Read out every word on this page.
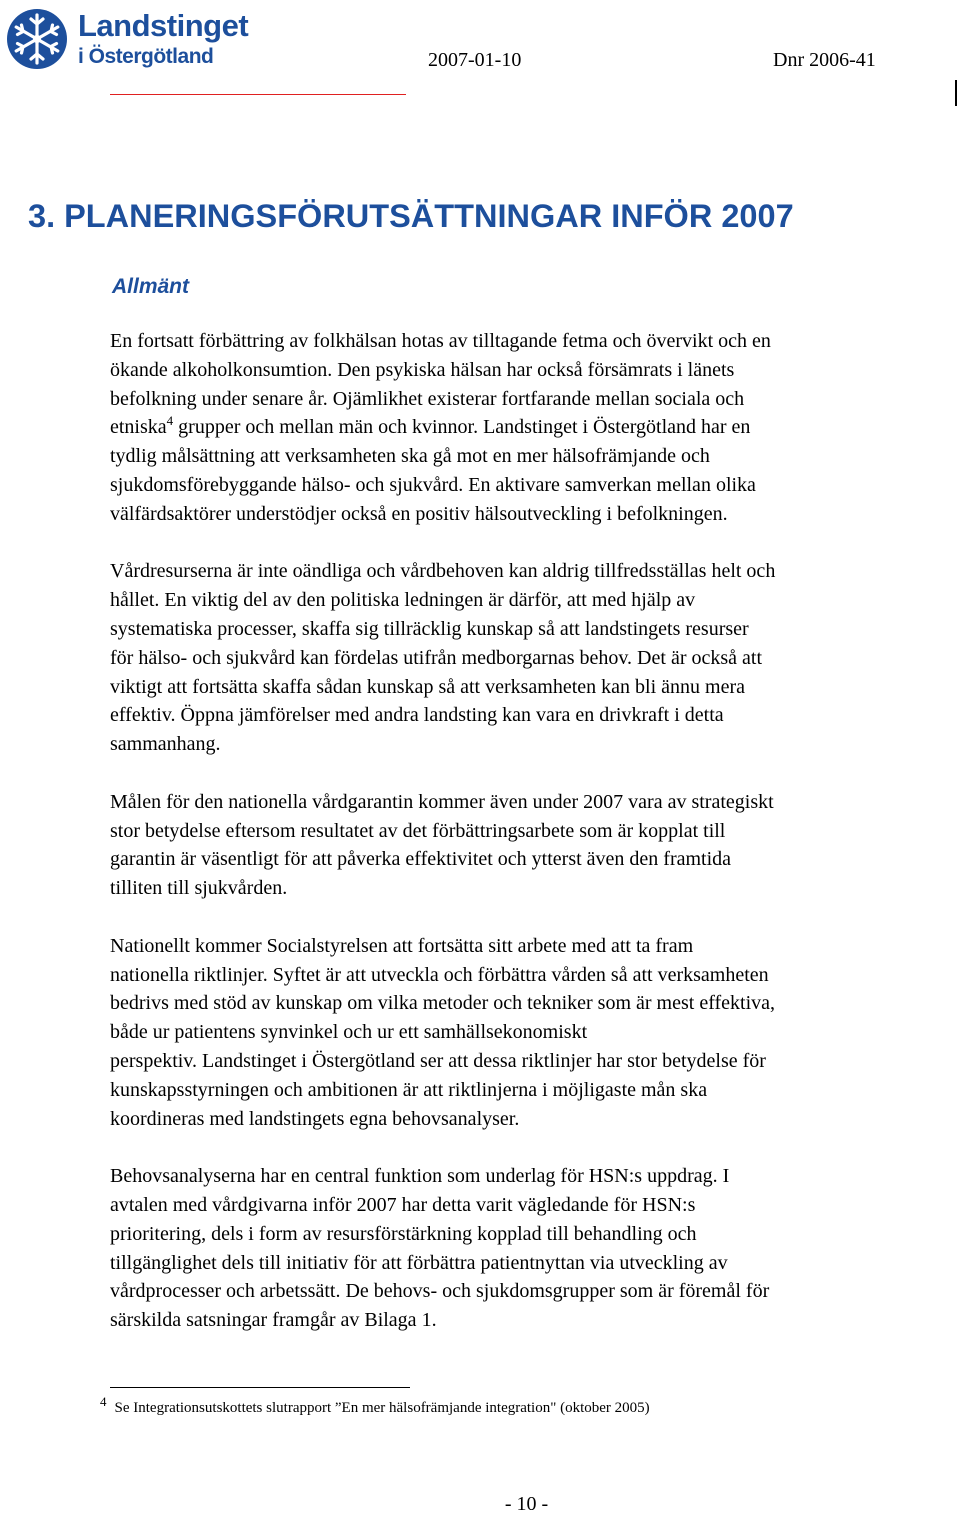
Landstinget
i Östergötland	2007-01-10	Dnr 2006-41
3. PLANERINGSFÖRUTSÄTTNINGAR INFÖR 2007
Allmänt

En fortsatt förbättring av folkhälsan hotas av tilltagande fetma och övervikt och en
ökande alkoholkonsumtion. Den psykiska hälsan har också försämrats i länets
befolkning under senare år. Ojämlikhet existerar fortfarande mellan sociala och
etniska$^4$ grupper och mellan män och kvinnor. Landstinget i Östergötland har en
tydlig målsättning att verksamheten ska gå mot en mer hälsofrämjande och
sjukdomsförebyggande hälso- och sjukvård. En aktivare samverkan mellan olika
välfärdsaktörer understödjer också en positiv hälsoutveckling i befolkningen.

Vårdresurserna är inte oändliga och vårdbehoven kan aldrig tillfredsställas helt och
hållet. En viktig del av den politiska ledningen är därför, att med hjälp av
systematiska processer, skaffa sig tillräcklig kunskap så att landstingets resurser
för hälso- och sjukvård kan fördelas utifrån medborgarnas behov. Det är också att
viktigt att fortsätta skaffa sådan kunskap så att verksamheten kan bli ännu mera
effektiv. Öppna jämförelser med andra landsting kan vara en drivkraft i detta
sammanhang.

Målen för den nationella vårdgarantin kommer även under 2007 vara av strategiskt
stor betydelse eftersom resultatet av det förbättringsarbete som är kopplat till
garantin är väsentligt för att påverka effektivitet och ytterst även den framtida
tilliten till sjukvården.

Nationellt kommer Socialstyrelsen att fortsätta sitt arbete med att ta fram
nationella riktlinjer. Syftet är att utveckla och förbättra vården så att verksamheten
bedrivs med stöd av kunskap om vilka metoder och tekniker som är mest effektiva,
både ur patientens synvinkel och ur ett samhällsekonomiskt
perspektiv. Landstinget i Östergötland ser att dessa riktlinjer har stor betydelse för
kunskapsstyrningen och ambitionen är att riktlinjerna i möjligaste mån ska
koordineras med landstingets egna behovsanalyser.

Behovsanalyserna har en central funktion som underlag för HSN:s uppdrag. I
avtalen med vårdgivarna inför 2007 har detta varit vägledande för HSN:s
prioritering, dels i form av resursförstärkning kopplad till behandling och
tillgänglighet dels till initiativ för att förbättra patientnyttan via utveckling av
vårdprocesser och arbetssätt. De behovs- och sjukdomsgrupper som är föremål för
särskilda satsningar framgår av Bilaga 1.

$^4$ Se Integrationsutskottets slutrapport ”En mer hälsofrämjande integration" (oktober 2005)
- 10 -
